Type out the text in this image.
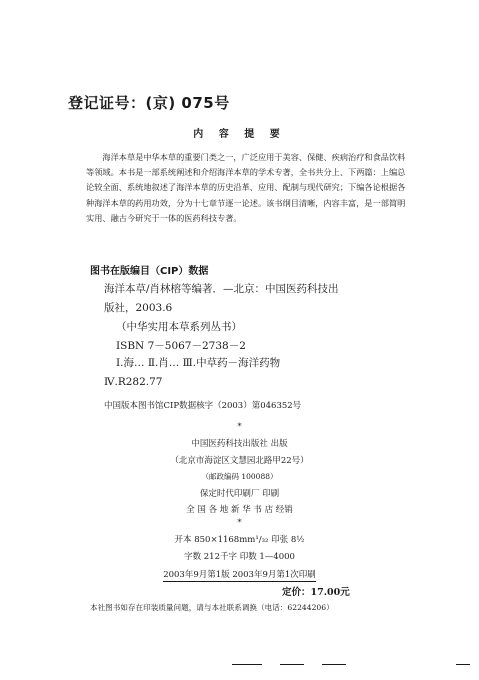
登记证号：(京) 075号
内 容 提 要

海洋本草是中华本草的重要门类之一，广泛应用于美容、保健、疾病治疗和食品饮料等领域。本书是一部系统阐述和介绍海洋本草的学术专著，全书共分上、下两篇：上编总论较全面、系统地叙述了海洋本草的历史沿革、应用、配制与现代研究；下编各论根据各种海洋本草的药用功效，分为十七章节逐一论述。该书纲目清晰，内容丰富，是一部简明实用、融古今研究于一体的医药科技专著。

图书在版编目（CIP）数据
海洋本草/肖林榕等编著．—北京：中国医药科技出
版社，2003.6
（中华实用本草系列丛书）
ISBN 7－5067－2738－2
Ⅰ.海… Ⅱ.肖… Ⅲ.中草药－海洋药物
Ⅳ.R282.77
中国版本图书馆CIP数据核字（2003）第046352号
*
中国医药科技出版社 出版
（北京市海淀区文慧园北路甲22号）
（邮政编码 100088）
保定时代印刷厂 印刷
全 国 各 地 新 华 书 店 经销
*
开本 850×1168mm¹/₃₂ 印张 8½
字数 212千字 印数 1—4000
2003年9月第1版 2003年9月第1次印刷
定价：17.00元
本社图书如存在印装质量问题，请与本社联系调换（电话：62244206）
